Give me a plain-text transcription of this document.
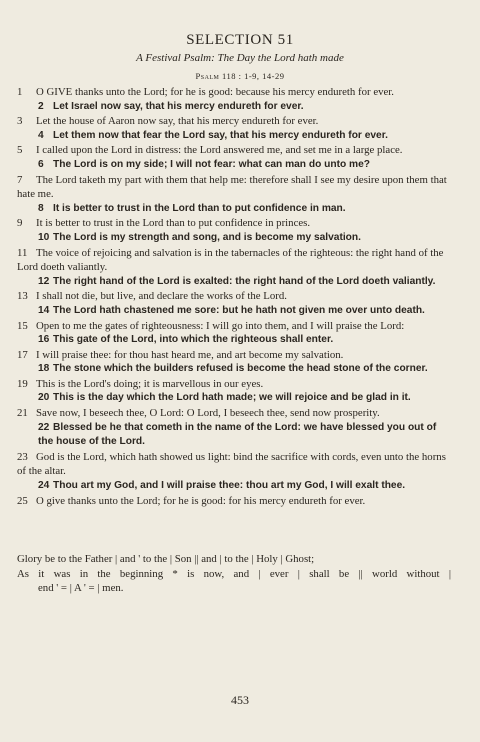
SELECTION 51
A Festival Psalm: The Day the Lord hath made
Psalm 118 : 1-9, 14-29

1 O GIVE thanks unto the Lord; for he is good: because his mercy endureth for ever.

2 Let Israel now say, that his mercy endureth for ever.

3 Let the house of Aaron now say, that his mercy endureth for ever.

4 Let them now that fear the Lord say, that his mercy endureth for ever.

5 I called upon the Lord in distress: the Lord answered me, and set me in a large place.

6 The Lord is on my side; I will not fear: what can man do unto me?

7 The Lord taketh my part with them that help me: therefore shall I see my desire upon them that hate me.

8 It is better to trust in the Lord than to put confidence in man.

9 It is better to trust in the Lord than to put confidence in princes.

10 The Lord is my strength and song, and is become my salvation.

11 The voice of rejoicing and salvation is in the tabernacles of the righteous: the right hand of the Lord doeth valiantly.

12 The right hand of the Lord is exalted: the right hand of the Lord doeth valiantly.

13 I shall not die, but live, and declare the works of the Lord.

14 The Lord hath chastened me sore: but he hath not given me over unto death.

15 Open to me the gates of righteousness: I will go into them, and I will praise the Lord:

16 This gate of the Lord, into which the righteous shall enter.

17 I will praise thee: for thou hast heard me, and art become my salvation.

18 The stone which the builders refused is become the head stone of the corner.

19 This is the Lord's doing; it is marvellous in our eyes.

20 This is the day which the Lord hath made; we will rejoice and be glad in it.

21 Save now, I beseech thee, O Lord: O Lord, I beseech thee, send now prosperity.

22 Blessed be he that cometh in the name of the Lord: we have blessed you out of the house of the Lord.

23 God is the Lord, which hath showed us light: bind the sacrifice with cords, even unto the horns of the altar.

24 Thou art my God, and I will praise thee: thou art my God, I will exalt thee.

25 O give thanks unto the Lord; for he is good: for his mercy endureth for ever.

Glory be to the Father | and ' to the | Son || and | to the | Holy | Ghost;

As it was in the beginning * is now, and | ever | shall be || world without |

end ' = | A ' = | men.

453
